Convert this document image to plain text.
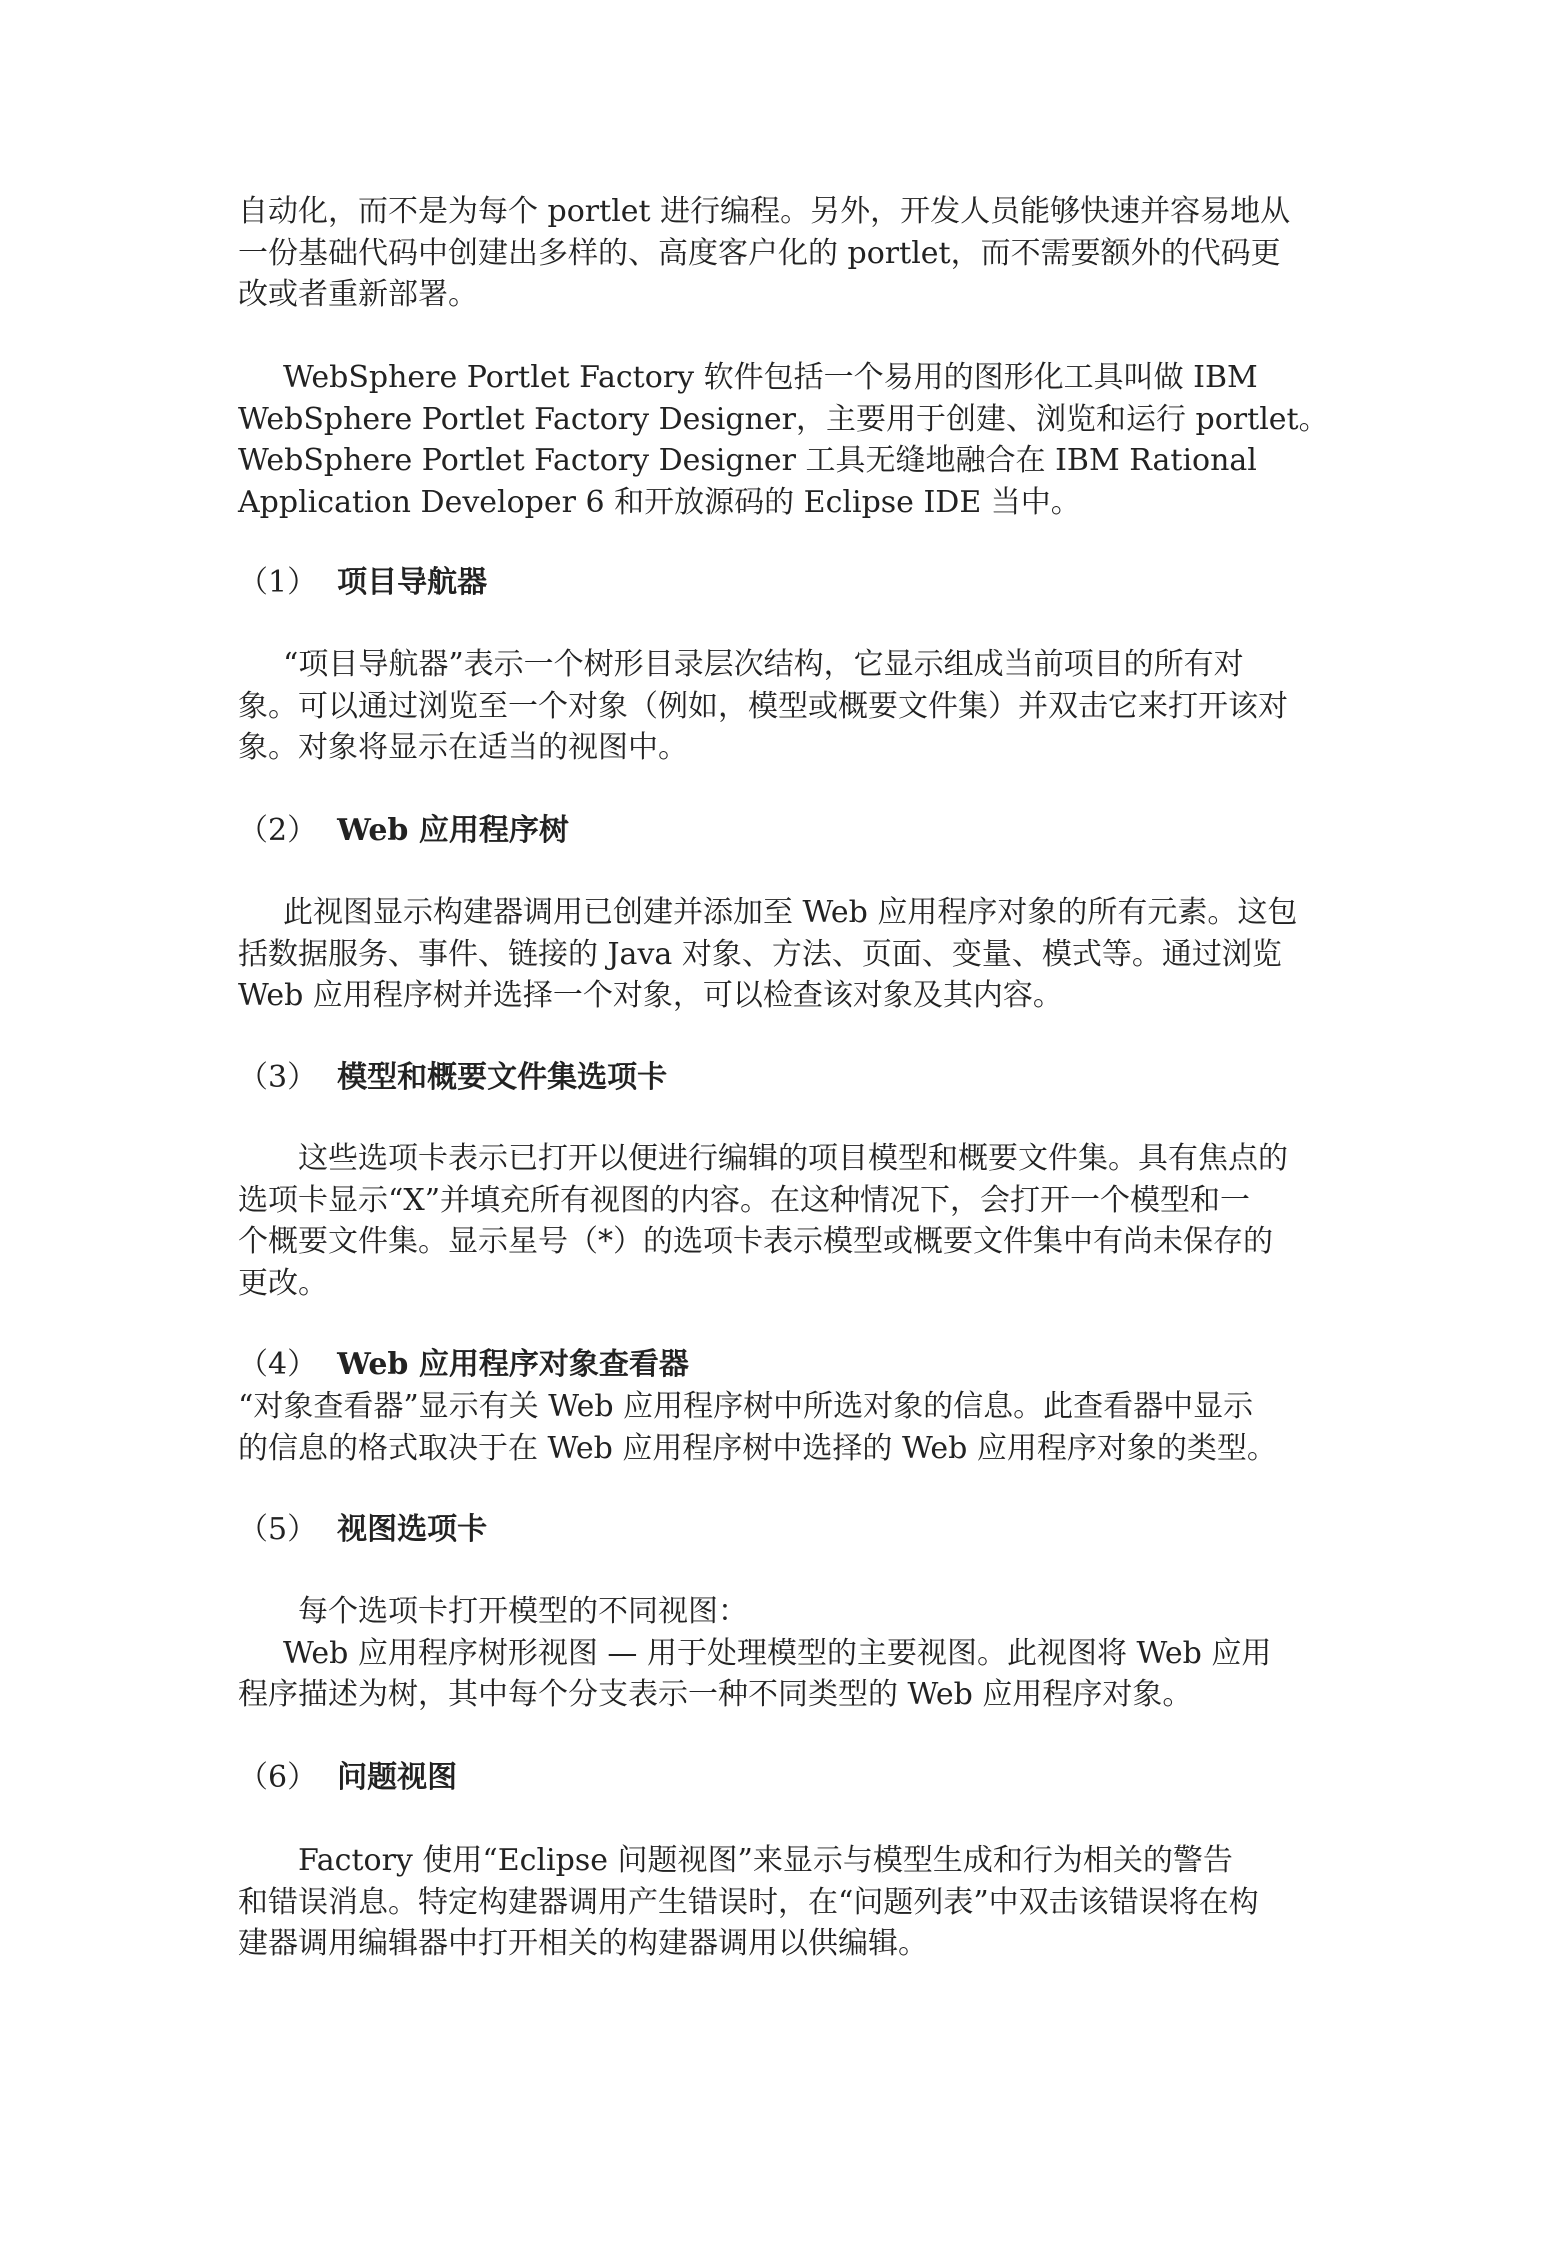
自动化，而不是为每个 portlet 进行编程。另外，开发人员能够快速并容易地从
一份基础代码中创建出多样的、高度客户化的 portlet，而不需要额外的代码更
改或者重新部署。
WebSphere Portlet Factory 软件包括一个易用的图形化工具叫做 IBM
WebSphere Portlet Factory Designer，主要用于创建、浏览和运行 portlet。
WebSphere Portlet Factory Designer 工具无缝地融合在 IBM Rational
Application Developer 6 和开放源码的 Eclipse IDE 当中。
（1） 项目导航器
“项目导航器”表示一个树形目录层次结构，它显示组成当前项目的所有对
象。可以通过浏览至一个对象（例如，模型或概要文件集）并双击它来打开该对
象。对象将显示在适当的视图中。
（2） Web 应用程序树
此视图显示构建器调用已创建并添加至 Web 应用程序对象的所有元素。这包
括数据服务、事件、链接的 Java 对象、方法、页面、变量、模式等。通过浏览
Web 应用程序树并选择一个对象，可以检查该对象及其内容。
（3） 模型和概要文件集选项卡
这些选项卡表示已打开以便进行编辑的项目模型和概要文件集。具有焦点的
选项卡显示“X”并填充所有视图的内容。在这种情况下，会打开一个模型和一
个概要文件集。显示星号（*）的选项卡表示模型或概要文件集中有尚未保存的
更改。
（4） Web 应用程序对象查看器
“对象查看器”显示有关 Web 应用程序树中所选对象的信息。此查看器中显示
的信息的格式取决于在 Web 应用程序树中选择的 Web 应用程序对象的类型。
（5） 视图选项卡
每个选项卡打开模型的不同视图：
Web 应用程序树形视图 — 用于处理模型的主要视图。此视图将 Web 应用
程序描述为树，其中每个分支表示一种不同类型的 Web 应用程序对象。
（6） 问题视图
Factory 使用“Eclipse 问题视图”来显示与模型生成和行为相关的警告
和错误消息。特定构建器调用产生错误时，在“问题列表”中双击该错误将在构
建器调用编辑器中打开相关的构建器调用以供编辑。
